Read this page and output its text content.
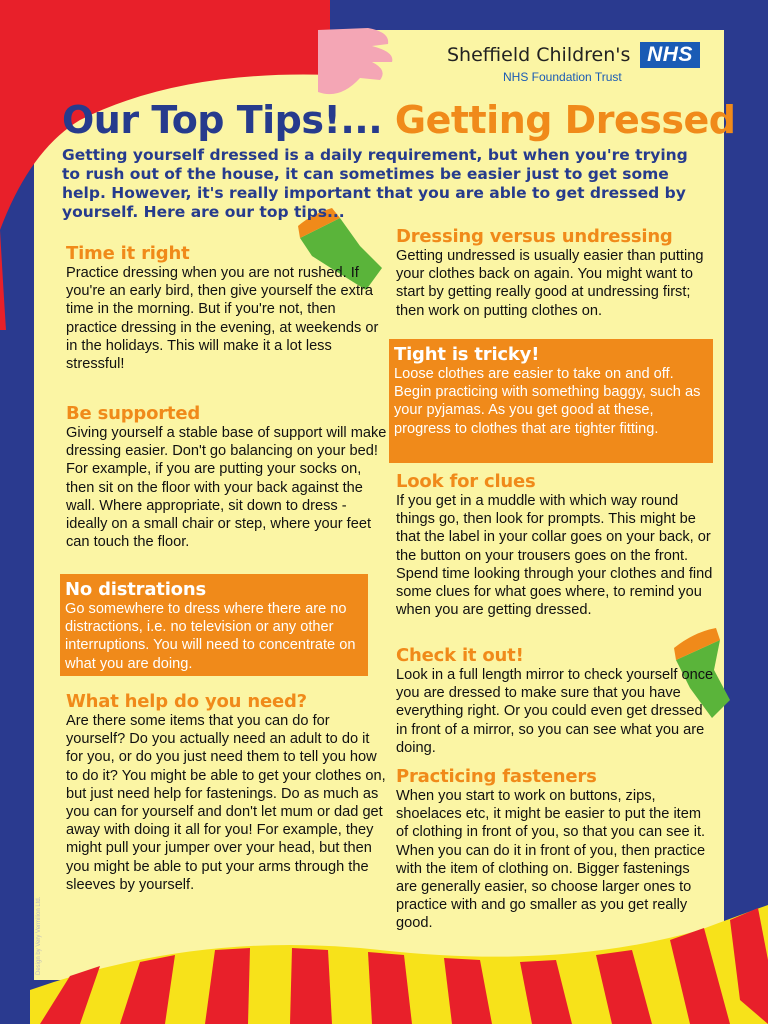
Sheffield Children's NHS
NHS Foundation Trust
Our Top Tips!... Getting Dressed
Getting yourself dressed is a daily requirement, but when you're trying to rush out of the house, it can sometimes be easier just to get some help. However, it's really important that you are able to get dressed by yourself. Here are our top tips...
Time it right

Practice dressing when you are not rushed. If you're an early bird, then give yourself the extra time in the morning. But if you're not, then practice dressing in the evening, at weekends or in the holidays. This will make it a lot less stressful!

Be supported

Giving yourself a stable base of support will make dressing easier. Don't go balancing on your bed! For example, if you are putting your socks on, then sit on the floor with your back against the wall. Where appropriate, sit down to dress - ideally on a small chair or step, where your feet can touch the floor.

No distrations

Go somewhere to dress where there are no distractions, i.e. no television or any other interruptions. You will need to concentrate on what you are doing.

What help do you need?

Are there some items that you can do for yourself? Do you actually need an adult to do it for you, or do you just need them to tell you how to do it? You might be able to get your clothes on, but just need help for fastenings. Do as much as you can for yourself and don't let mum or dad get away with doing it all for you! For example, they might pull your jumper over your head, but then you might be able to put your arms through the sleeves by yourself.

Dressing versus undressing

Getting undressed is usually easier than putting your clothes back on again. You might want to start by getting really good at undressing first; then work on putting clothes on.

Tight is tricky!

Loose clothes are easier to take on and off. Begin practicing with something baggy, such as your pyjamas. As you get good at these, progress to clothes that are tighter fitting.

Look for clues

If you get in a muddle with which way round things go, then look for prompts. This might be that the label in your collar goes on your back, or the button on your trousers goes on the front. Spend time looking through your clothes and find some clues for what goes where, to remind you when you are getting dressed.

Check it out!

Look in a full length mirror to check yourself once you are dressed to make sure that you have everything right. Or you could even get dressed in front of a mirror, so you can see what you are doing.

Practicing fasteners

When you start to work on buttons, zips, shoelaces etc, it might be easier to put the item of clothing in front of you, so that you can see it. When you can do it in front of you, then practice with the item of clothing on. Bigger fastenings are generally easier, so choose larger ones to practice with and go smaller as you get really good.

Design by Very Vermilion Ltd.
